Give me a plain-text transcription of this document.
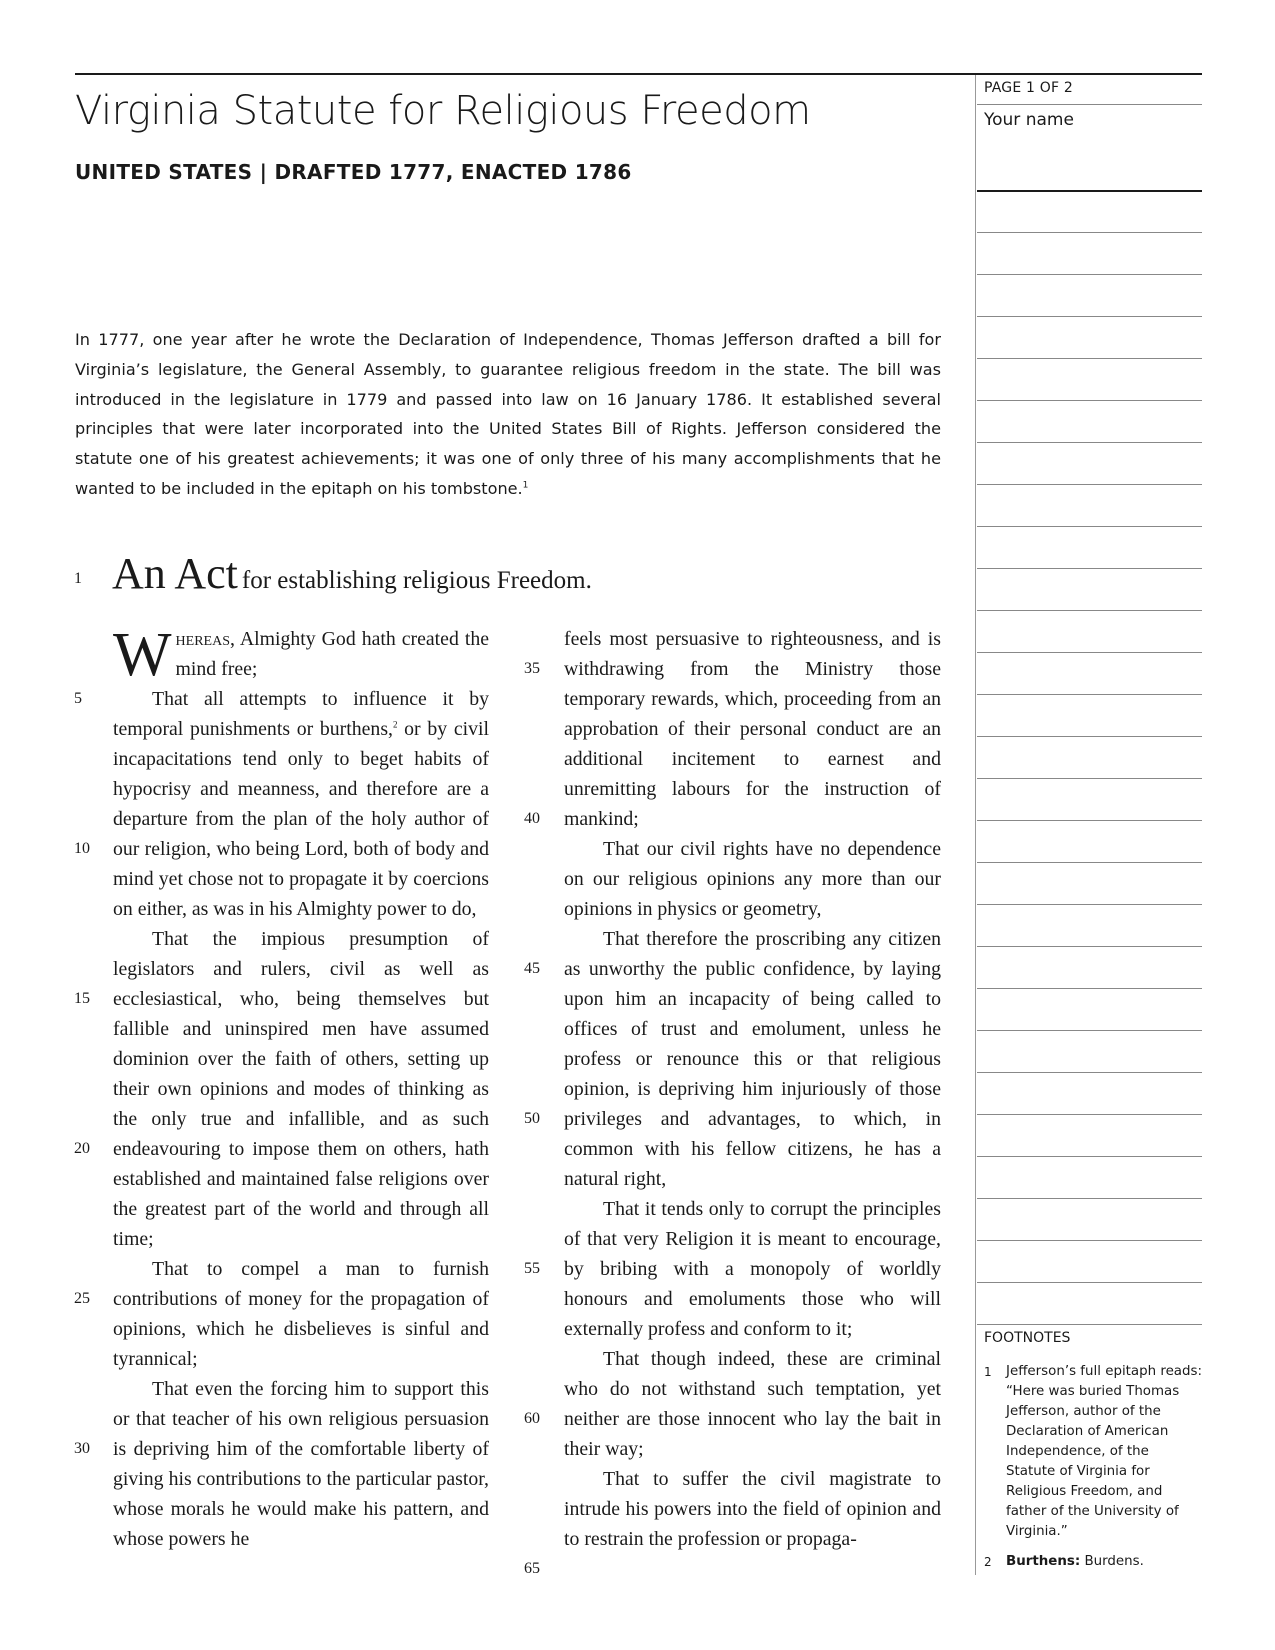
Virginia Statute for Religious Freedom
UNITED STATES | DRAFTED 1777, ENACTED 1786

In 1777, one year after he wrote the Declaration of Independence, Thomas Jefferson drafted a bill for Virginia’s legislature, the General Assembly, to guarantee religious freedom in the state. The bill was introduced in the legislature in 1779 and passed into law on 16 January 1786. It established several principles that were later incorporated into the United States Bill of Rights. Jefferson considered the statute one of his greatest achievements; it was one of only three of his many accomplishments that he wanted to be included in the epitaph on his tombstone.$^1$

1 An Act for establishing religious Freedom.

Whereas, Almighty God hath created the mind free;

That all attempts to influence it by temporal punishments or burthens,$^2$ or by civil incapacitations tend only to beget habits of hypocrisy and meanness, and therefore are a departure from the plan of the holy author of our religion, who being Lord, both of body and mind yet chose not to propagate it by coercions on either, as was in his Almighty power to do,

That the impious presumption of legislators and rulers, civil as well as ecclesiastical, who, being themselves but fallible and uninspired men have assumed dominion over the faith of others, setting up their own opinions and modes of thinking as the only true and infallible, and as such endeavouring to impose them on others, hath established and maintained false religions over the greatest part of the world and through all time;

That to compel a man to furnish contributions of money for the propagation of opinions, which he disbelieves is sinful and tyrannical;

That even the forcing him to support this or that teacher of his own religious persuasion is depriving him of the comfortable liberty of giving his contributions to the particular pastor, whose morals he would make his pattern, and whose powers he

feels most persuasive to righteousness, and is withdrawing from the Ministry those temporary rewards, which, proceeding from an approbation of their personal conduct are an additional incitement to earnest and unremitting labours for the instruction of mankind;

That our civil rights have no dependence on our religious opinions any more than our opinions in physics or geometry,

That therefore the proscribing any citizen as unworthy the public confidence, by laying upon him an incapacity of being called to offices of trust and emolument, unless he profess or renounce this or that religious opinion, is depriving him injuriously of those privileges and advantages, to which, in common with his fellow citizens, he has a natural right,

That it tends only to corrupt the principles of that very Religion it is meant to encourage, by bribing with a monopoly of worldly honours and emoluments those who will externally profess and conform to it;

That though indeed, these are criminal who do not withstand such temptation, yet neither are those innocent who lay the bait in their way;

That to suffer the civil magistrate to intrude his powers into the field of opinion and to restrain the profession or propaga-

5
10
15
20
25
30
35
40
45
50
55
60
65
PAGE 1 OF 2
Your name
FOOTNOTES
1 Jefferson’s full epitaph reads: “Here was buried Thomas Jefferson, author of the Declaration of American Independence, of the Statute of Virginia for Religious Freedom, and father of the University of Virginia.”
2 Burthens: Burdens.
